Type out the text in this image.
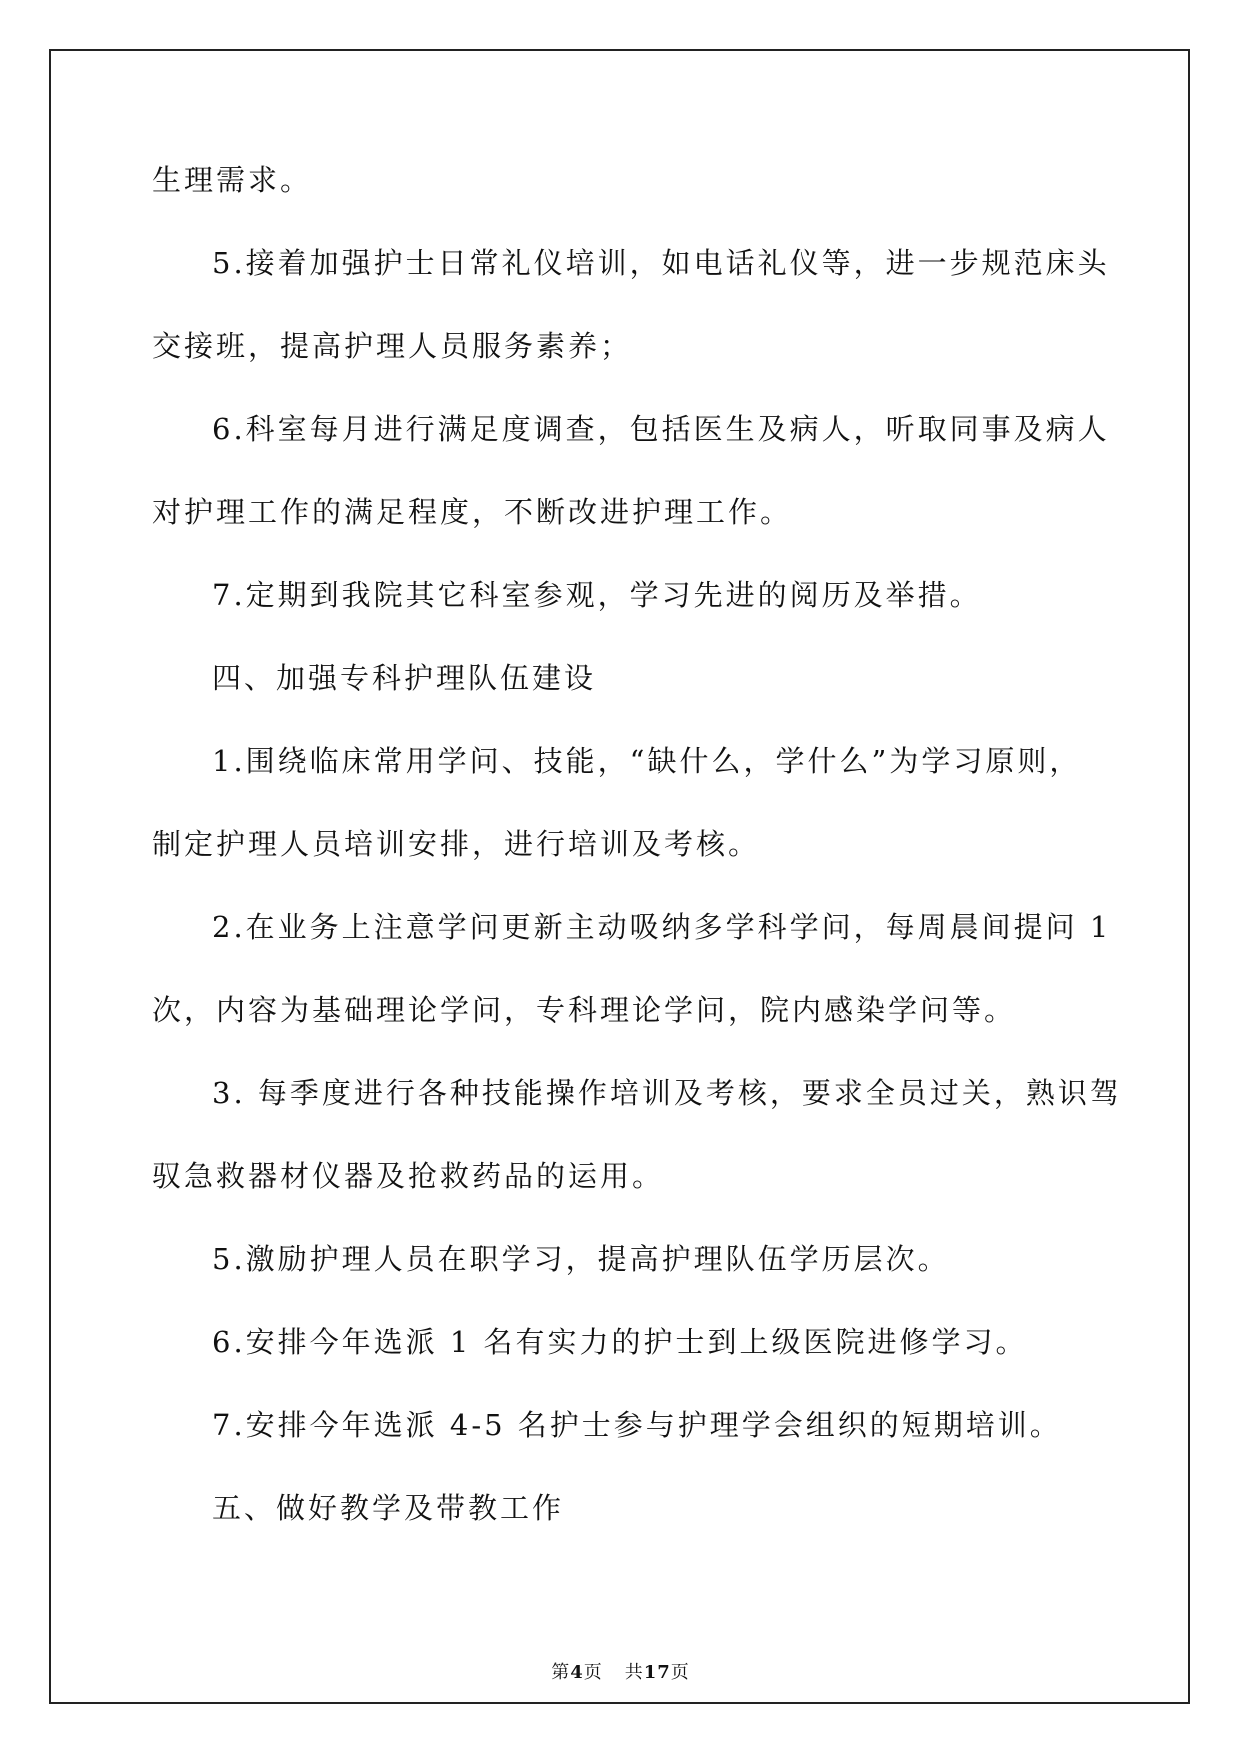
生理需求。

5.接着加强护士日常礼仪培训，如电话礼仪等，进一步规范床头

交接班，提高护理人员服务素养；

6.科室每月进行满足度调查，包括医生及病人，听取同事及病人

对护理工作的满足程度，不断改进护理工作。

7.定期到我院其它科室参观，学习先进的阅历及举措。

四、加强专科护理队伍建设

1.围绕临床常用学问、技能，“缺什么，学什么”为学习原则，

制定护理人员培训安排，进行培训及考核。

2.在业务上注意学问更新主动吸纳多学科学问，每周晨间提问 1

次，内容为基础理论学问，专科理论学问，院内感染学问等。

3. 每季度进行各种技能操作培训及考核，要求全员过关，熟识驾

驭急救器材仪器及抢救药品的运用。

5.激励护理人员在职学习，提高护理队伍学历层次。

6.安排今年选派 1 名有实力的护士到上级医院进修学习。

7.安排今年选派 4-5 名护士参与护理学会组织的短期培训。

五、做好教学及带教工作

第4页 共17页
